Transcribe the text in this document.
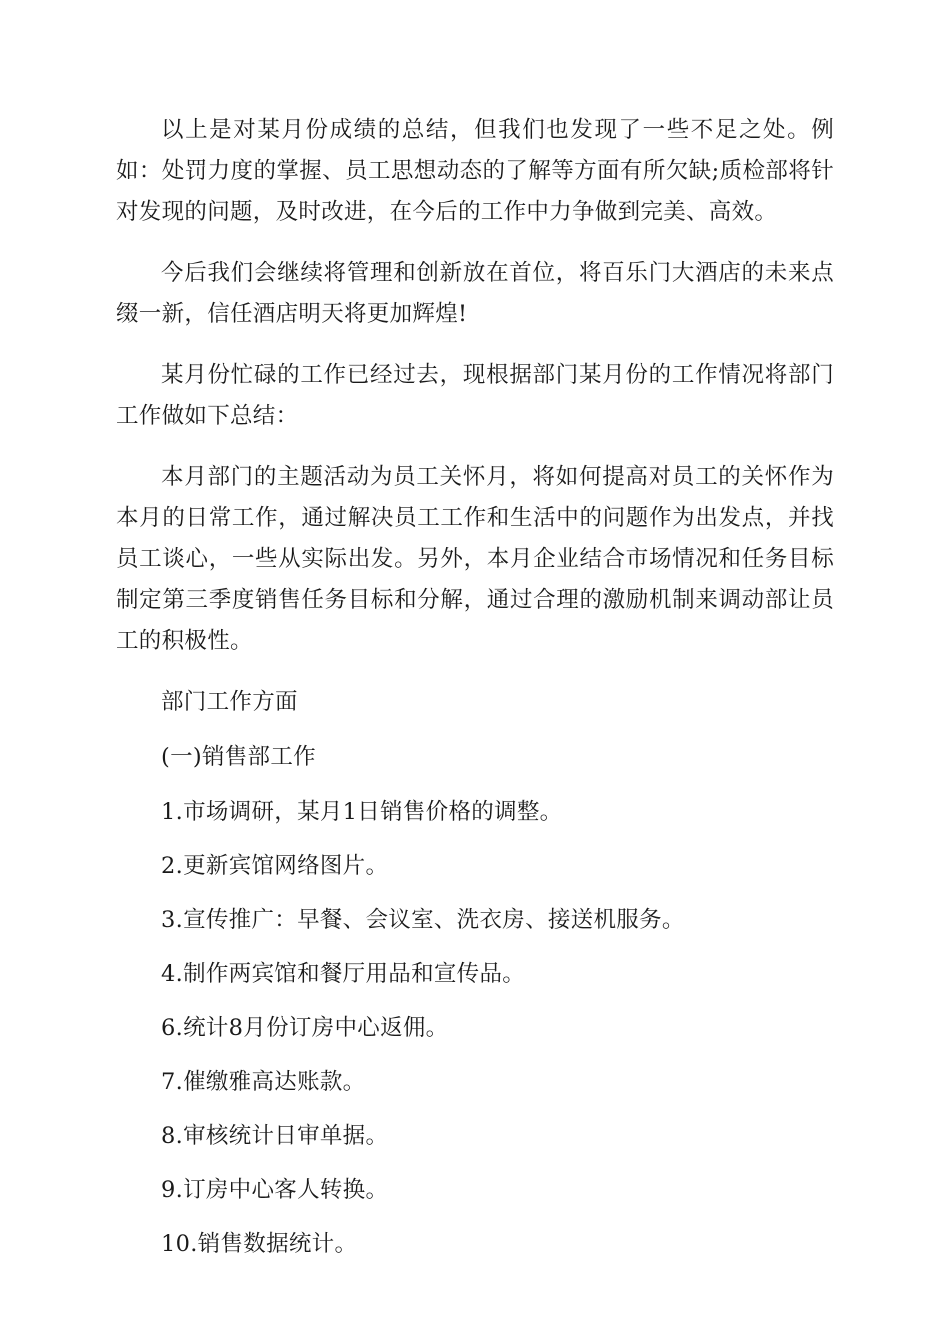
以上是对某月份成绩的总结，但我们也发现了一些不足之处。例如：处罚力度的掌握、员工思想动态的了解等方面有所欠缺;质检部将针对发现的问题，及时改进，在今后的工作中力争做到完美、高效。

今后我们会继续将管理和创新放在首位，将百乐门大酒店的未来点缀一新，信任酒店明天将更加辉煌!

某月份忙碌的工作已经过去，现根据部门某月份的工作情况将部门工作做如下总结：

本月部门的主题活动为员工关怀月，将如何提高对员工的关怀作为本月的日常工作，通过解决员工工作和生活中的问题作为出发点，并找员工谈心，一些从实际出发。另外，本月企业结合市场情况和任务目标制定第三季度销售任务目标和分解，通过合理的激励机制来调动部让员工的积极性。

部门工作方面

(一)销售部工作

1.市场调研，某月1日销售价格的调整。
2.更新宾馆网络图片。
3.宣传推广：早餐、会议室、洗衣房、接送机服务。
4.制作两宾馆和餐厅用品和宣传品。
6.统计8月份订房中心返佣。
7.催缴雅高达账款。
8.审核统计日审单据。
9.订房中心客人转换。
10.销售数据统计。
